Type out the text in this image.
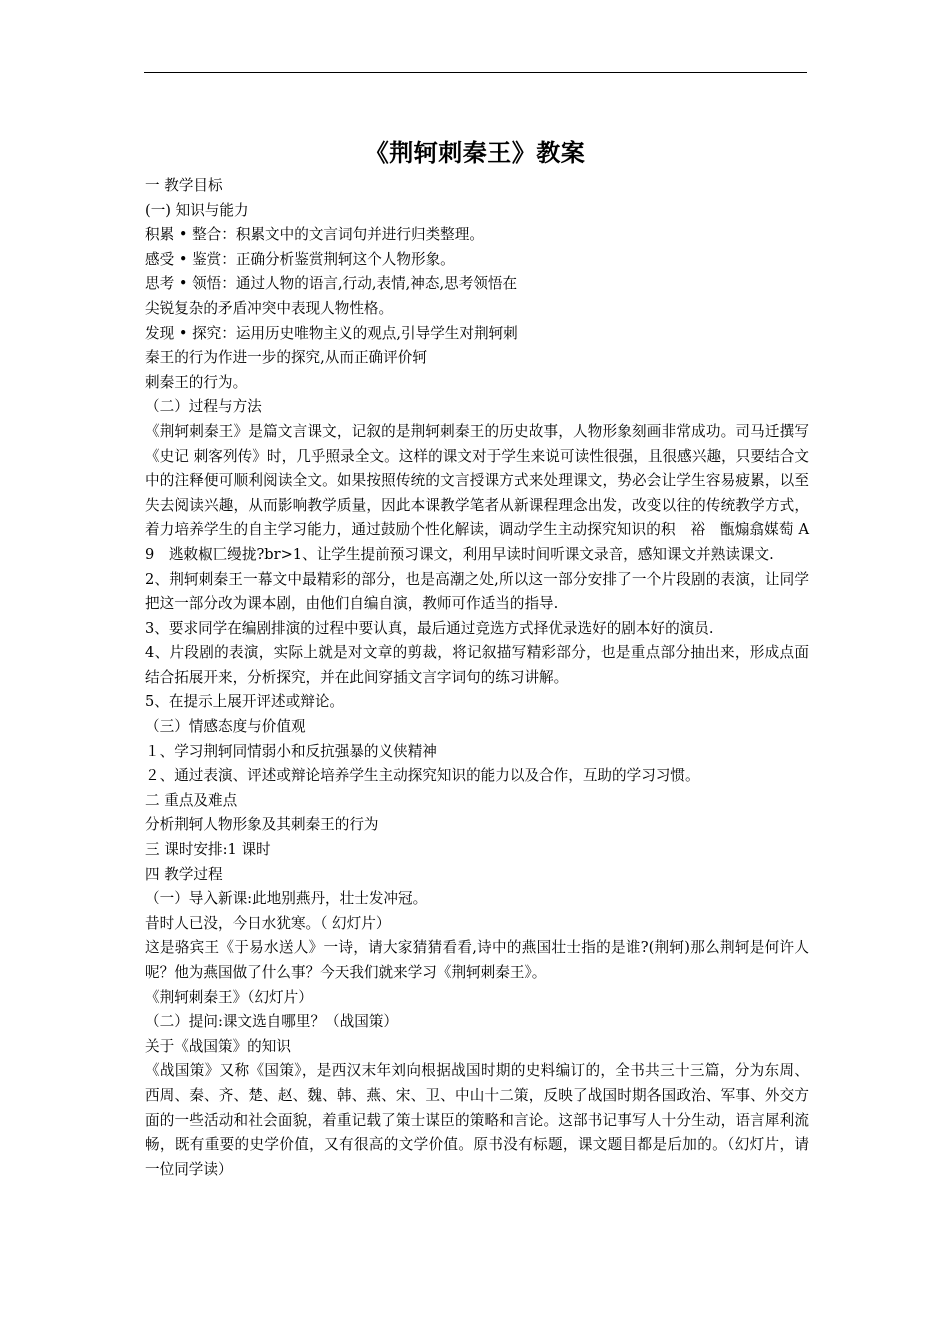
《荆轲刺秦王》教案
一 教学目标
(一) 知识与能力
积累 • 整合：积累文中的文言词句并进行归类整理。
感受 • 鉴赏：正确分析鉴赏荆轲这个人物形象。
思考 • 领悟：通过人物的语言,行动,表情,神态,思考领悟在
尖锐复杂的矛盾冲突中表现人物性格。
发现 • 探究：运用历史唯物主义的观点,引导学生对荆轲刺
秦王的行为作进一步的探究,从而正确评价轲
刺秦王的行为。
（二）过程与方法
《荆轲刺秦王》是篇文言课文，记叙的是荆轲刺秦王的历史故事，人物形象刻画非常成功。司马迁撰写《史记 刺客列传》时，几乎照录全文。这样的课文对于学生来说可读性很强，且很感兴趣，只要结合文中的注释便可顺利阅读全文。如果按照传统的文言授课方式来处理课文，势必会让学生容易疲累，以至失去阅读兴趣，从而影响教学质量，因此本课教学笔者从新课程理念出发，改变以往的传统教学方式，着力培养学生的自主学习能力，通过鼓励个性化解读，调动学生主动探究知识的积　裕　甑煽翕媒萄 A 9　逃敕椒匸缦拢?br>1、让学生提前预习课文，利用早读时间听课文录音，感知课文并熟读课文.
2、荆轲刺秦王一幕文中最精彩的部分，也是高潮之处,所以这一部分安排了一个片段剧的表演，让同学把这一部分改为课本剧，由他们自编自演，教师可作适当的指导.
3、要求同学在编剧排演的过程中要认真，最后通过竞选方式择优录选好的剧本好的演员.
4、片段剧的表演，实际上就是对文章的剪裁，将记叙描写精彩部分，也是重点部分抽出来，形成点面结合拓展开来，分析探究，并在此间穿插文言字词句的练习讲解。
5、在提示上展开评述或辩论。
（三）情感态度与价值观
１、学习荆轲同情弱小和反抗强暴的义侠精神
２、通过表演、评述或辩论培养学生主动探究知识的能力以及合作，互助的学习习惯。
二 重点及难点
分析荆轲人物形象及其刺秦王的行为
三 课时安排:1 课时
四 教学过程
（一）导入新课:此地别燕丹，壮士发冲冠。
昔时人已没，今日水犹寒。（ 幻灯片）
这是骆宾王《于易水送人》一诗，请大家猜猜看看,诗中的燕国壮士指的是谁?(荆轲)那么荆轲是何许人呢？他为燕国做了什么事？今天我们就来学习《荆轲刺秦王》。
《荆轲刺秦王》（幻灯片）
（二）提问:课文选自哪里？（战国策）
关于《战国策》的知识
《战国策》又称《国策》，是西汉末年刘向根据战国时期的史料编订的，全书共三十三篇，分为东周、西周、秦、齐、楚、赵、魏、韩、燕、宋、卫、中山十二策，反映了战国时期各国政治、军事、外交方面的一些活动和社会面貌，着重记载了策士谋臣的策略和言论。这部书记事写人十分生动，语言犀利流畅，既有重要的史学价值，又有很高的文学价值。原书没有标题，课文题目都是后加的。（幻灯片，请一位同学读）
